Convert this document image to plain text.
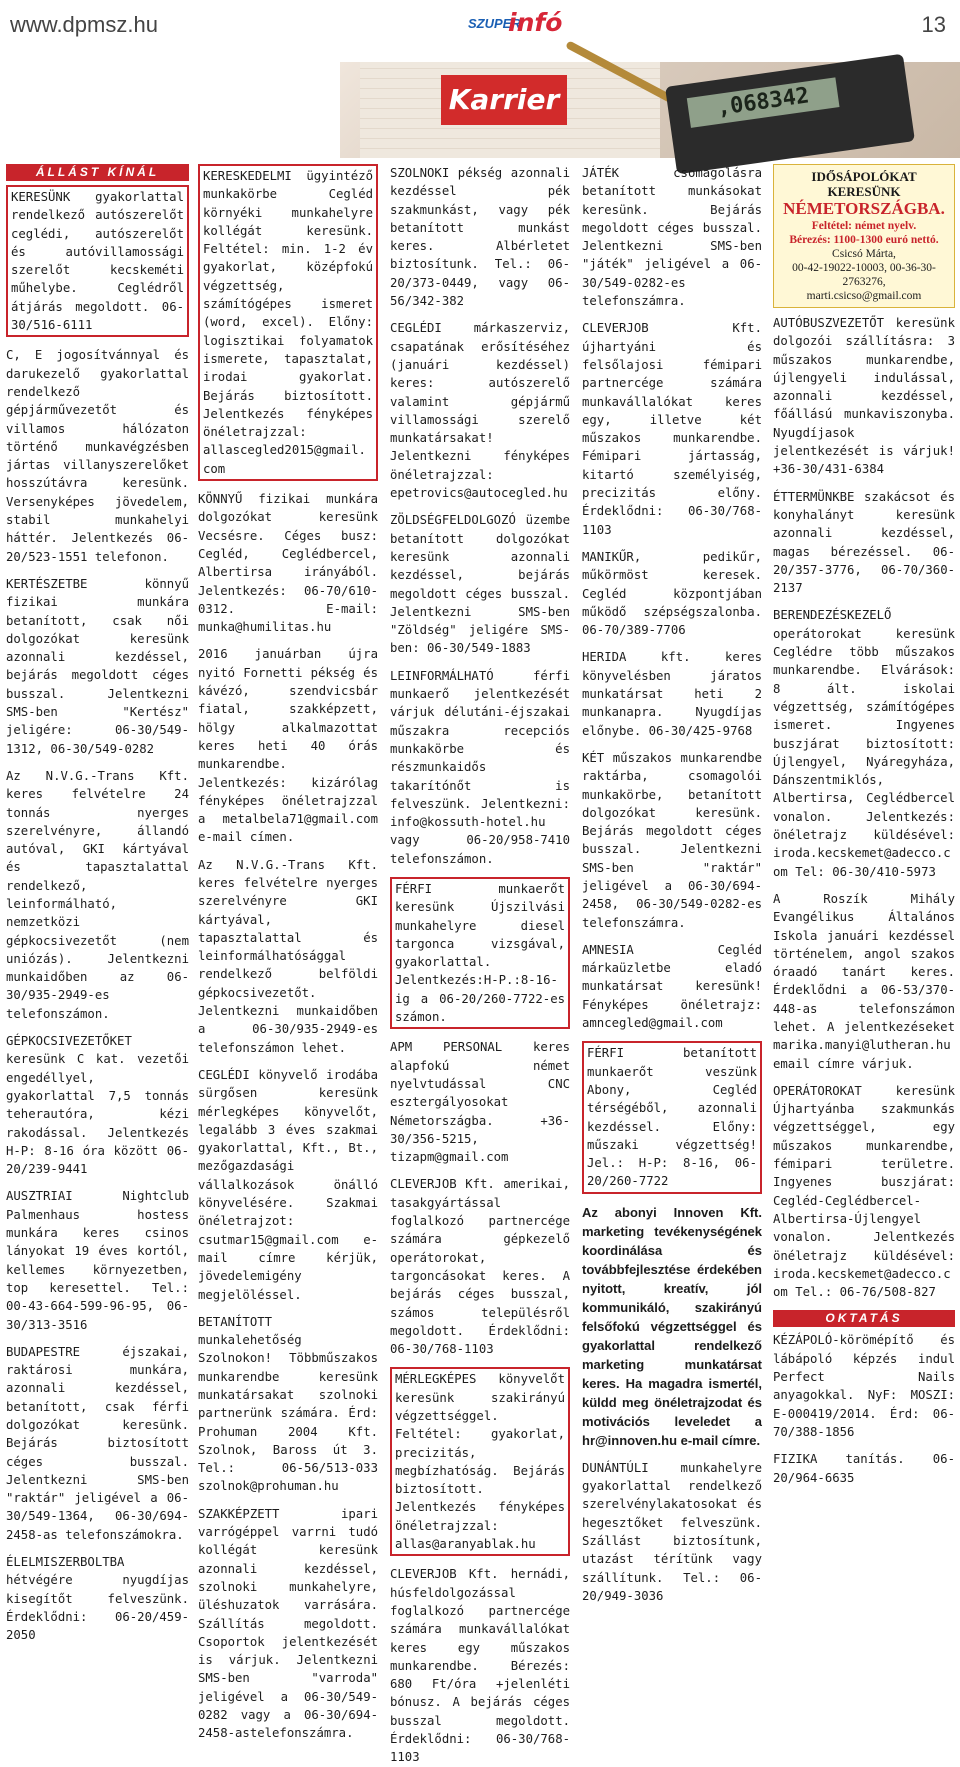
www.dpmsz.hu	SZUPER
infó	13
,068342
Karrier
ÁLLÁST KÍNÁL

KERESÜNK gyakorlattal rendelkező autószerelőt ceglédi, autószerelőt és autóvillamossági szerelőt kecskeméti műhelybe. Ceglédről átjárás megoldott. 06-30/516-6111

C, E jogosítvánnyal és darukezelő gyakorlattal rendelkező gépjárművezetőt és villamos hálózaton történő munkavégzésben jártas villanyszerelőket hosszútávra keresünk. Versenyképes jövedelem, stabil munkahelyi háttér. Jelentkezés 06-20/523-1551 telefonon.

KERTÉSZETBE könnyű fizikai munkára betanított, csak női dolgozókat keresünk azonnali kezdéssel, bejárás megoldott céges busszal. Jelentkezni SMS-ben "Kertész" jeligére: 06-30/549-1312, 06-30/549-0282

Az N.V.G.-Trans Kft. keres felvételre 24 tonnás nyerges szerelvényre, állandó autóval, GKI kártyával és tapasztalattal rendelkező, leinformálható, nemzetközi gépkocsivezetőt (nem uniózás). Jelentkezni munkaidőben az 06-30/935-2949-es telefonszámon.

GÉPKOCSIVEZETŐKET keresünk C kat. vezetői engedéllyel, gyakorlattal 7,5 tonnás teherautóra, kézi rakodással. Jelentkezés H-P: 8-16 óra között 06-20/239-9441

AUSZTRIAI Nightclub Palmenhaus hostess munkára keres csinos lányokat 19 éves kortól, kellemes környezetben, top keresettel. Tel.: 00-43-664-599-96-95, 06-30/313-3516

BUDAPESTRE éjszakai, raktárosi munkára, azonnali kezdéssel, betanított, csak férfi dolgozókat keresünk. Bejárás biztosított céges busszal. Jelentkezni SMS-ben "raktár" jeligével a 06-30/549-1364, 06-30/694-2458-as telefonszámokra.

ÉLELMISZERBOLTBA hétvégére nyugdíjas kisegítőt felveszünk. Érdeklődni: 06-20/459-2050

KERESKEDELMI ügyintéző munkakörbe Cegléd környéki munkahelyre kollégát keresünk. Feltétel: min. 1-2 év gyakorlat, középfokú végzettség, számítógépes ismeret (word, excel). Előny: logisztikai folyamatok ismerete, tapasztalat, irodai gyakorlat. Bejárás biztosított. Jelentkezés fényképes önéletrajzzal: allascegled2015@gmail.com

KÖNNYŰ fizikai munkára dolgozókat keresünk Vecsésre. Céges busz: Cegléd, Ceglédbercel, Albertirsa irányából. Jelentkezés: 06-70/610-0312. E-mail: munka@humilitas.hu

2016 januárban újra nyitó Fornetti pékség és kávézó, szendvicsbár fiatal, szakképzett, hölgy alkalmazottat keres heti 40 órás munkarendbe. Jelentkezés: kizárólag fényképes önéletrajzzal a metalbela71@gmail.com e-mail címen.

Az N.V.G.-Trans Kft. keres felvételre nyerges szerelvényre GKI kártyával, tapasztalattal és leinformálhatósággal rendelkező belföldi gépkocsivezetőt. Jelentkezni munkaidőben a 06-30/935-2949-es telefonszámon lehet.

CEGLÉDI könyvelő irodába sürgősen keresünk mérlegképes könyvelőt, legalább 3 éves szakmai gyakorlattal, Kft., Bt., mezőgazdasági vállalkozások önálló könyvelésére. Szakmai önéletrajzot: csutmar15@gmail.com e-mail címre kérjük, jövedelemigény megjelöléssel.

BETANÍTOTT munkalehetőség Szolnokon! Többműszakos munkarendbe keresünk munkatársakat szolnoki partnerünk számára. Érd: Prohuman 2004 Kft. Szolnok, Baross út 3. Tel.: 06-56/513-033 szolnok@prohuman.hu

SZAKKÉPZETT ipari varrógéppel varrni tudó kollégát keresünk azonnali kezdéssel, szolnoki munkahelyre, üléshuzatok varrására. Szállítás megoldott. Csoportok jelentkezését is várjuk. Jelentkezni SMS-ben "varroda" jeligével a 06-30/549-0282 vagy a 06-30/694-2458-astelefonszámra.

SZOLNOKI pékség azonnali kezdéssel pék szakmunkást, vagy pék betanított munkást keres. Albérletet biztosítunk. Tel.: 06-20/373-0449, vagy 06-56/342-382

CEGLÉDI márkaszerviz, csapatának erősítéséhez (januári kezdéssel) keres: autószerelő valamint gépjármű villamossági szerelő munkatársakat! Jelentkezni fényképes önéletrajzzal: epetrovics@autocegled.hu

ZÖLDSÉGFELDOLGOZÓ üzembe betanított dolgozókat keresünk azonnali kezdéssel, bejárás megoldott céges busszal. Jelentkezni SMS-ben "Zöldség" jeligére SMS-ben: 06-30/549-1883

LEINFORMÁLHATÓ férfi munkaerő jelentkezését várjuk délutáni-éjszakai műszakra recepciós munkakörbe és részmunkaidős takarítónőt is felveszünk. Jelentkezni: info@kossuth-hotel.hu vagy 06-20/958-7410 telefonszámon.

FÉRFI munkaerőt keresünk Újszilvási munkahelyre diesel targonca vizsgával, gyakorlattal. Jelentkezés:H-P.:8-16-ig a 06-20/260-7722-es számon.

APM PERSONAL keres alapfokú német nyelvtudással CNC esztergályosokat Németországba. +36-30/356-5215, tizapm@gmail.com

CLEVERJOB Kft. amerikai, tasakgyártással foglalkozó partnercége számára gépkezelő operátorokat, targoncásokat keres. A bejárás céges busszal, számos településről megoldott. Érdeklődni: 06-30/768-1103

MÉRLEGKÉPES könyvelőt keresünk szakirányú végzettséggel. Feltétel: gyakorlat, precizitás, megbízhatóság. Bejárás biztosított. Jelentkezés fényképes önéletrajzzal: allas@aranyablak.hu

CLEVERJOB Kft. hernádi, húsfeldolgozással foglalkozó partnercége számára munkavállalókat keres egy műszakos munkarendbe. Bérezés: 680 Ft/óra +jelenléti bónusz. A bejárás céges busszal megoldott. Érdeklődni: 06-30/768-1103

JÁTÉK csomagolásra betanított munkásokat keresünk. Bejárás megoldott céges busszal. Jelentkezni SMS-ben "játék" jeligével a 06-30/549-0282-es telefonszámra.

CLEVERJOB Kft. újhartyáni és felsőlajosi fémipari partnercége számára munkavállalókat keres egy, illetve két műszakos munkarendbe. Fémipari jártasság, kitartó személyiség, precizitás előny. Érdeklődni: 06-30/768-1103

MANIKŰR, pedikűr, műkörmöst keresek. Cegléd központjában működő szépségszalonba. 06-70/389-7706

HERIDA kft. keres könyvelésben járatos munkatársat heti 2 munkanapra. Nyugdíjas előnybe. 06-30/425-9768

KÉT műszakos munkarendbe raktárba, csomagolói munkakörbe, betanított dolgozókat keresünk. Bejárás megoldott céges busszal. Jelentkezni SMS-ben "raktár" jeligével a 06-30/694-2458, 06-30/549-0282-es telefonszámra.

AMNESIA Cegléd márkaüzletbe eladó munkatársat keresünk! Fényképes önéletrajz: amncegled@gmail.com

FÉRFI betanított munkaerőt veszünk Abony, Cegléd térségéből, azonnali kezdéssel. Előny: műszaki végzettség! Jel.: H-P: 8-16, 06-20/260-7722

Az abonyi Innoven Kft. marketing tevékenységének koordinálása és továbbfejlesztése érdekében nyitott, kreatív, jól kommunikáló, szakirányú felsőfokú végzettséggel és gyakorlattal rendelkező marketing munkatársat keres. Ha magadra ismertél, küldd meg önéletrajzodat és motivációs leveledet a hr@innoven.hu e-mail címre.

DUNÁNTÚLI munkahelyre gyakorlattal rendelkező szerelvénylakatosokat és hegesztőket felveszünk. Szállást biztosítunk, utazást térítünk vagy szállítunk. Tel.: 06-20/949-3036

IDŐSÁPOLÓKAT KERESÜNK
NÉMETORSZÁGBA.
Feltétel: német nyelv.
Bérezés: 1100-1300 euró nettó.
Csicsó Márta,
00-42-19022-10003, 00-36-30-2763276,
marti.csicso@gmail.com

AUTÓBUSZVEZETŐT keresünk dolgozói szállításra: 3 műszakos munkarendbe, újlengyeli indulással, azonnali kezdéssel, főállású munkaviszonyba. Nyugdíjasok jelentkezését is várjuk! +36-30/431-6384

ÉTTERMÜNKBE szakácsot és konyhalányt keresünk azonnali kezdéssel, magas bérezéssel. 06-20/357-3776, 06-70/360-2137

BERENDEZÉSKEZELŐ operátorokat keresünk Ceglédre több műszakos munkarendbe. Elvárások: 8 ált. iskolai végzettség, számítógépes ismeret. Ingyenes buszjárat biztosított: Újlengyel, Nyáregyháza, Dánszentmiklós, Albertirsa, Ceglédbercel vonalon. Jelentkezés: önéletrajz küldésével: iroda.kecskemet@adecco.com Tel: 06-30/410-5973

A Roszík Mihály Evangélikus Általános Iskola januári kezdéssel történelem, angol szakos óraadó tanárt keres. Érdeklődni a 06-53/370-448-as telefonszámon lehet. A jelentkezéseket marika.manyi@lutheran.hu email címre várjuk.

OPERÁTOROKAT keresünk Újhartyánba szakmunkás végzettséggel, egy műszakos munkarendbe, fémipari területre. Ingyenes buszjárat: Cegléd-Ceglédbercel-Albertirsa-Újlengyel vonalon. Jelentkezés önéletrajz küldésével: iroda.kecskemet@adecco.com Tel.: 06-76/508-827

OKTATÁS

KÉZÁPOLÓ-körömépítő és lábápoló képzés indul Perfect Nails anyagokkal. NyF: MOSZI: E-000419/2014. Érd: 06-70/388-1856

FIZIKA tanítás. 06-20/964-6635
